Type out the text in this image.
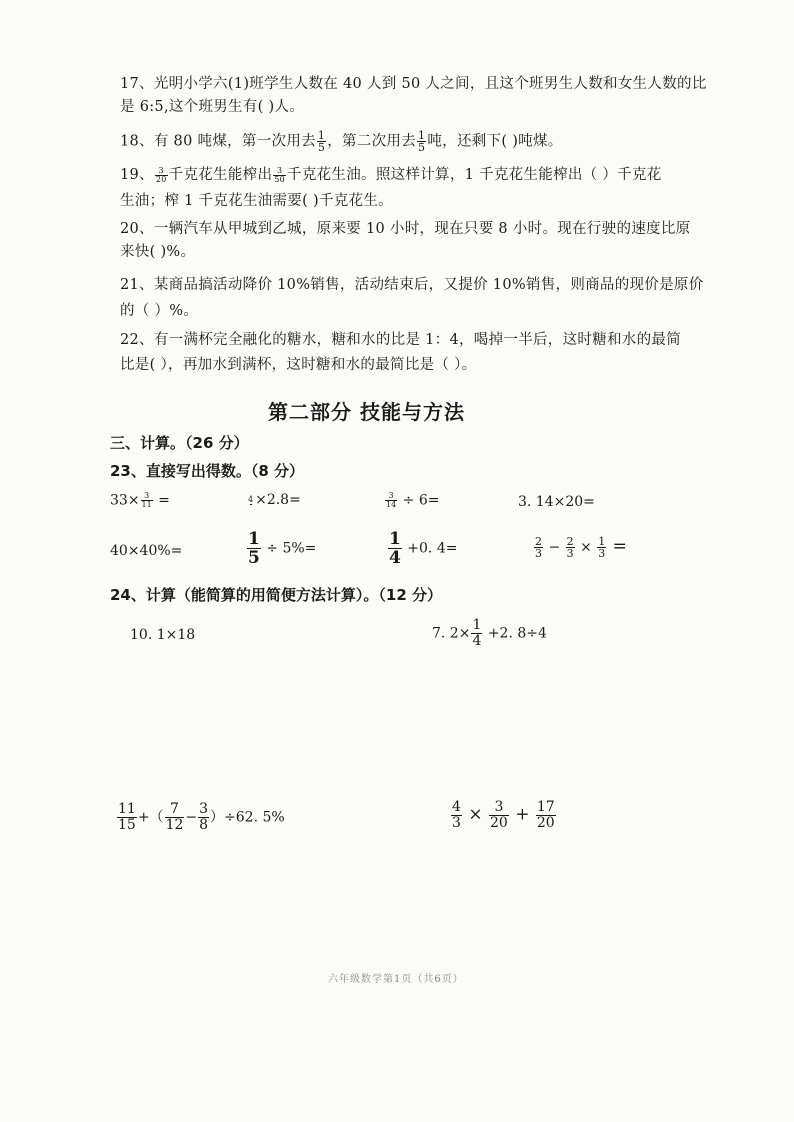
17、光明小学六(1)班学生人数在 40 人到 50 人之间，且这个班男生人数和女生人数的比
是 6:5,这个班男生有( )人。
18、有 80 吨煤，第一次用去 $\frac{1}{5}$ ，第二次用去 $\frac{1}{5}$ 吨，还剩下( )吨煤。
19、 $\frac{3}{20}$ 千克花生能榨出 $\frac{3}{50}$ 千克花生油。照这样计算，1 千克花生能榨出（ ）千克花
生油；榨 1 千克花生油需要( )千克花生。
20、一辆汽车从甲城到乙城，原来要 10 小时，现在只要 8 小时。现在行驶的速度比原
来快( )%。
21、某商品搞活动降价 10%销售，活动结束后，又提价 10%销售，则商品的现价是原价
的（ ）%。
22、有一满杯完全融化的糖水，糖和水的比是 1：4，喝掉一半后，这时糖和水的最简
比是( ），再加水到满杯，这时糖和水的最简比是（ ）。
第二部分 技能与方法
三、计算。（26 分）
23、直接写出得数。（8 分）
$33\times \frac{3}{11}$ =	4 ×2.8=	$\frac{3}{14} \div 6=$	3. 14×20=
40×40%=	$\frac{1}{5} \div 5\%=$	$\frac{1}{4} +0$. 4=	$\frac{2}{3} - \frac{2}{3} \times \frac{1}{3}$ =
24、计算（能简算的用简便方法计算）。（12 分）
10. 1×18	7. $2\times \frac{1}{4} +2$. 8÷4
$\frac{11}{15}$ +（ $\frac{7}{12} - \frac{3}{8} )\div 62$. 5%	$\frac{4}{3} \times \frac{3}{20} + \frac{17}{20}$
六年级数学第1页（共6页）
